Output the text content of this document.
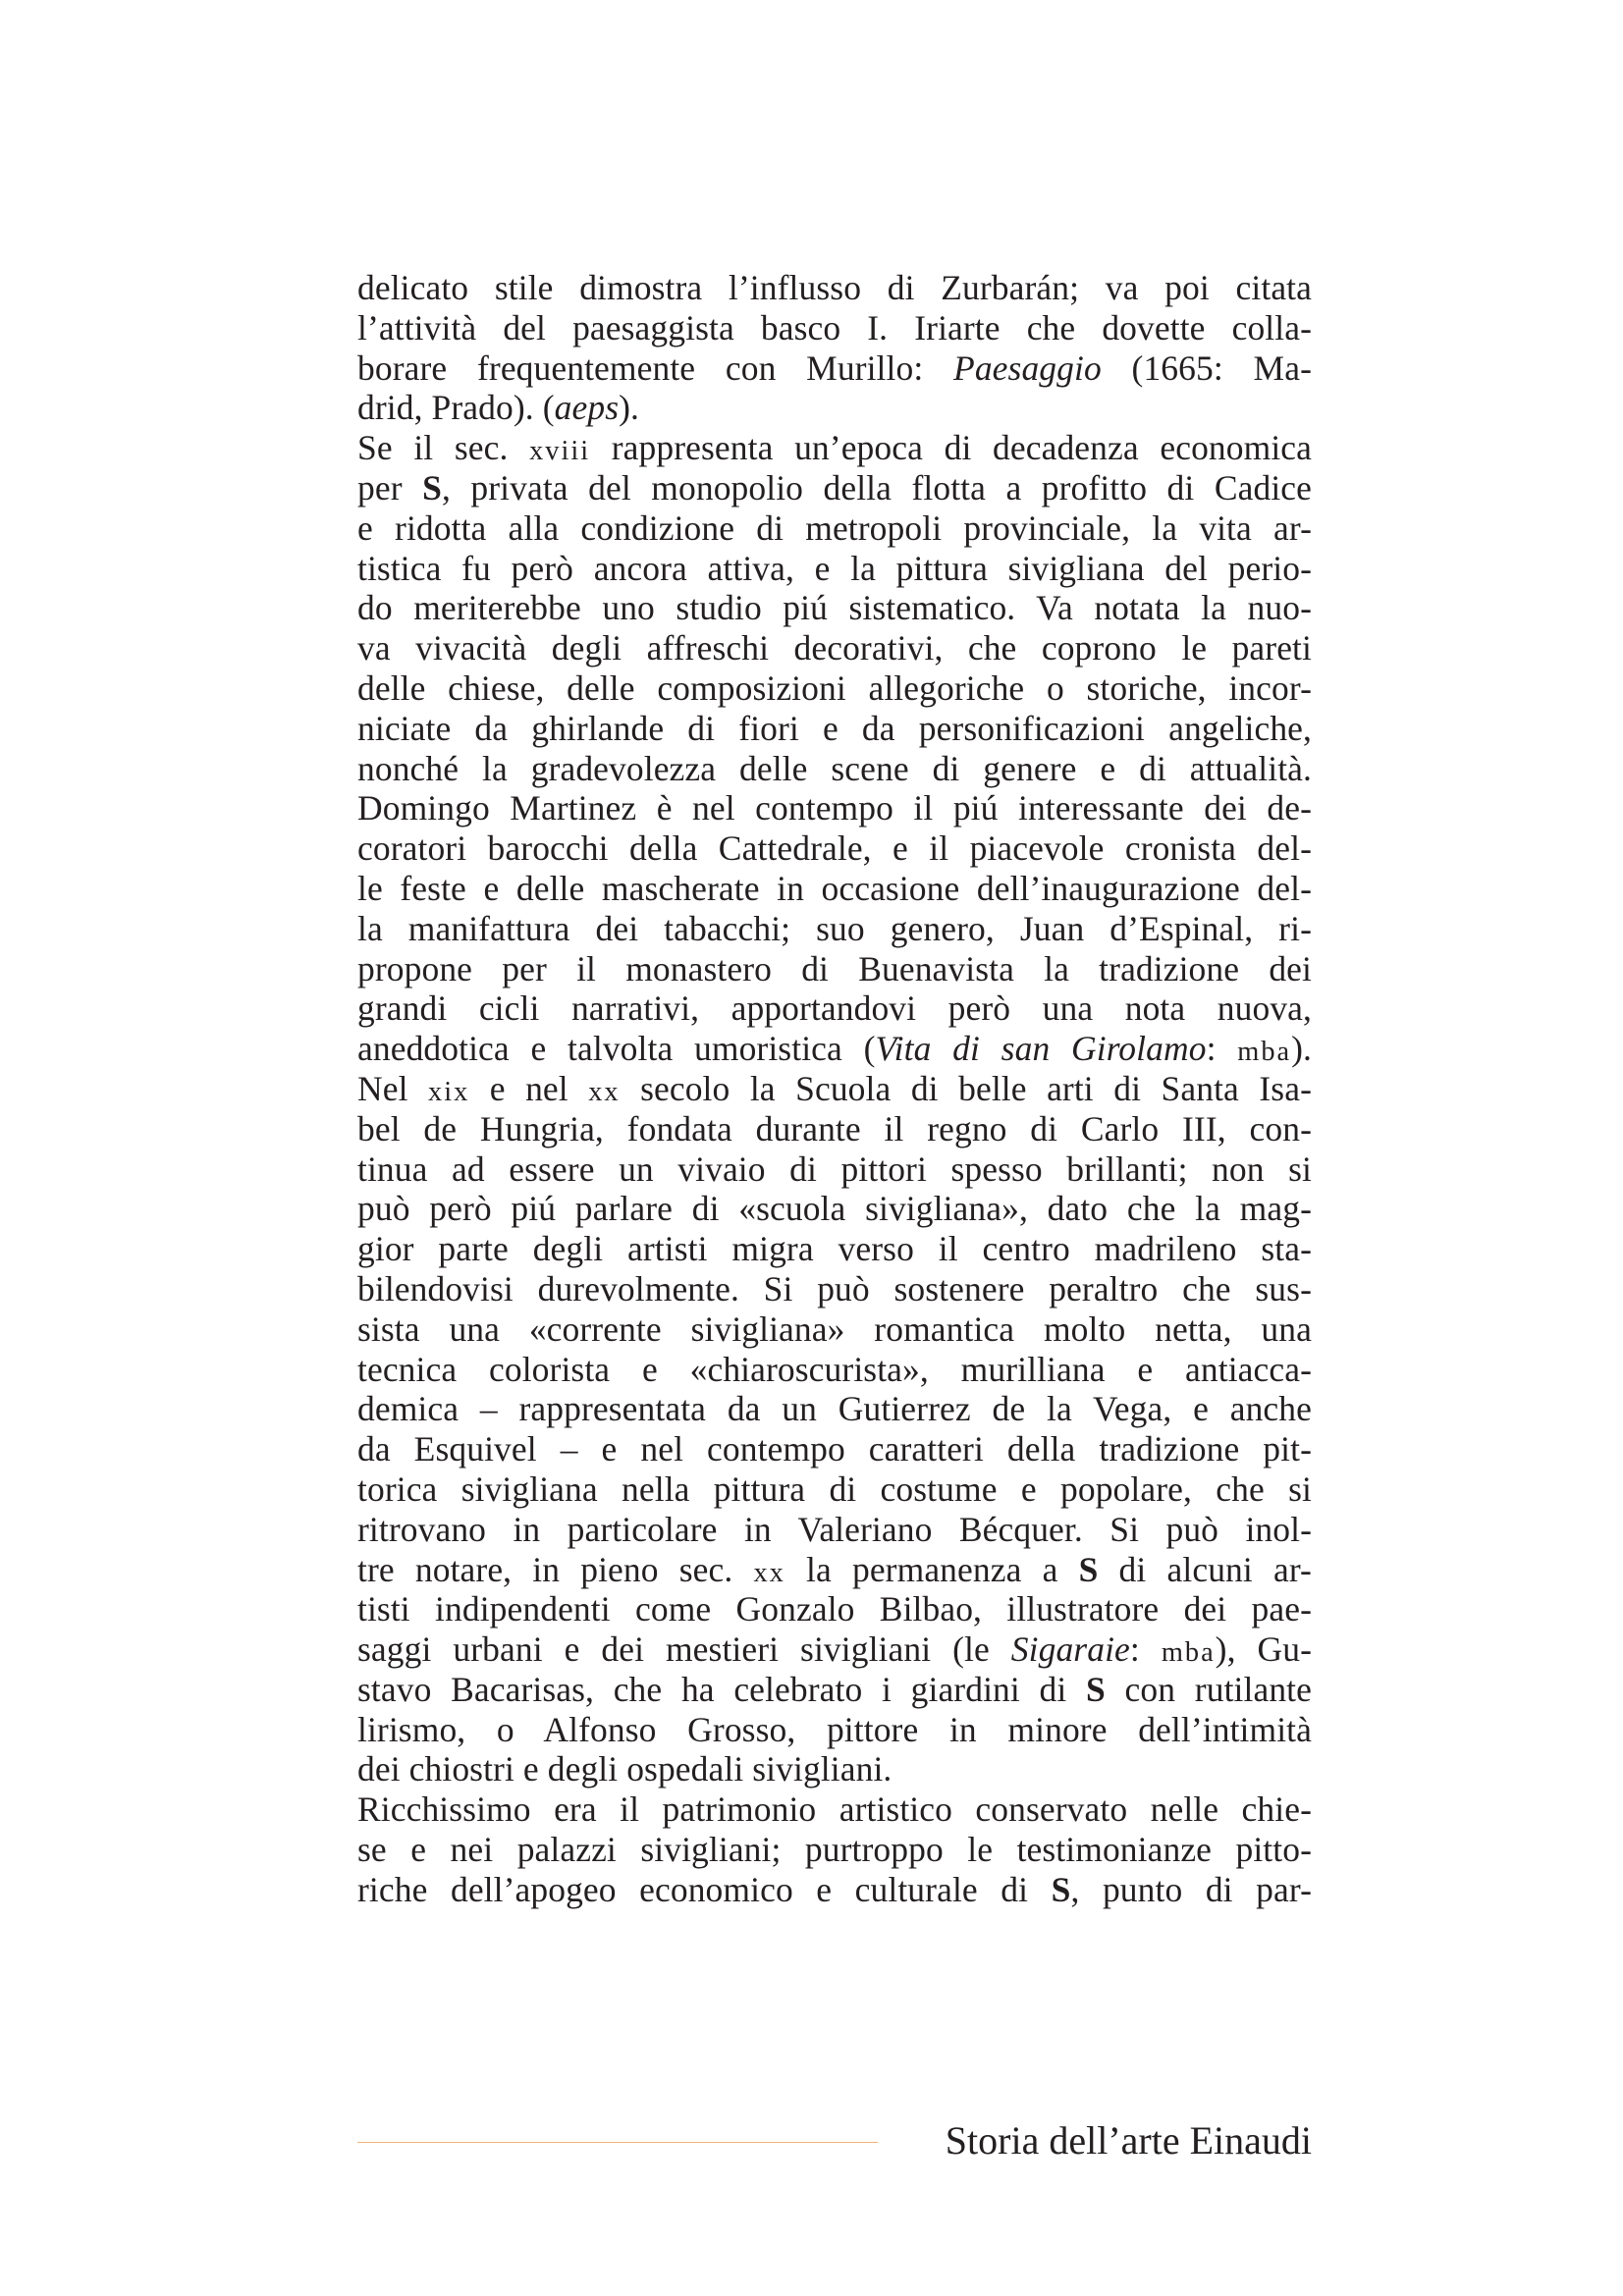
delicato stile dimostra l’influsso di Zurbarán; va poi citata
l’attività del paesaggista basco I. Iriarte che dovette colla-
borare frequentemente con Murillo: Paesaggio (1665: Ma-
drid, Prado). (aeps).
Se il sec. xviii rappresenta un’epoca di decadenza economica
per S, privata del monopolio della flotta a profitto di Cadice
e ridotta alla condizione di metropoli provinciale, la vita ar-
tistica fu però ancora attiva, e la pittura sivigliana del perio-
do meriterebbe uno studio piú sistematico. Va notata la nuo-
va vivacità degli affreschi decorativi, che coprono le pareti
delle chiese, delle composizioni allegoriche o storiche, incor-
niciate da ghirlande di fiori e da personificazioni angeliche,
nonché la gradevolezza delle scene di genere e di attualità.
Domingo Martinez è nel contempo il piú interessante dei de-
coratori barocchi della Cattedrale, e il piacevole cronista del-
le feste e delle mascherate in occasione dell’inaugurazione del-
la manifattura dei tabacchi; suo genero, Juan d’Espinal, ri-
propone per il monastero di Buenavista la tradizione dei
grandi cicli narrativi, apportandovi però una nota nuova,
aneddotica e talvolta umoristica (Vita di san Girolamo: mba).
Nel xix e nel xx secolo la Scuola di belle arti di Santa Isa-
bel de Hungria, fondata durante il regno di Carlo III, con-
tinua ad essere un vivaio di pittori spesso brillanti; non si
può però piú parlare di «scuola sivigliana», dato che la mag-
gior parte degli artisti migra verso il centro madrileno sta-
bilendovisi durevolmente. Si può sostenere peraltro che sus-
sista una «corrente sivigliana» romantica molto netta, una
tecnica colorista e «chiaroscurista», murilliana e antiacca-
demica – rappresentata da un Gutierrez de la Vega, e anche
da Esquivel – e nel contempo caratteri della tradizione pit-
torica sivigliana nella pittura di costume e popolare, che si
ritrovano in particolare in Valeriano Bécquer. Si può inol-
tre notare, in pieno sec. xx la permanenza a S di alcuni ar-
tisti indipendenti come Gonzalo Bilbao, illustratore dei pae-
saggi urbani e dei mestieri sivigliani (le Sigaraie: mba), Gu-
stavo Bacarisas, che ha celebrato i giardini di S con rutilante
lirismo, o Alfonso Grosso, pittore in minore dell’intimità
dei chiostri e degli ospedali sivigliani.
Ricchissimo era il patrimonio artistico conservato nelle chie-
se e nei palazzi sivigliani; purtroppo le testimonianze pitto-
riche dell’apogeo economico e culturale di S, punto di par-
Storia dell’arte Einaudi
